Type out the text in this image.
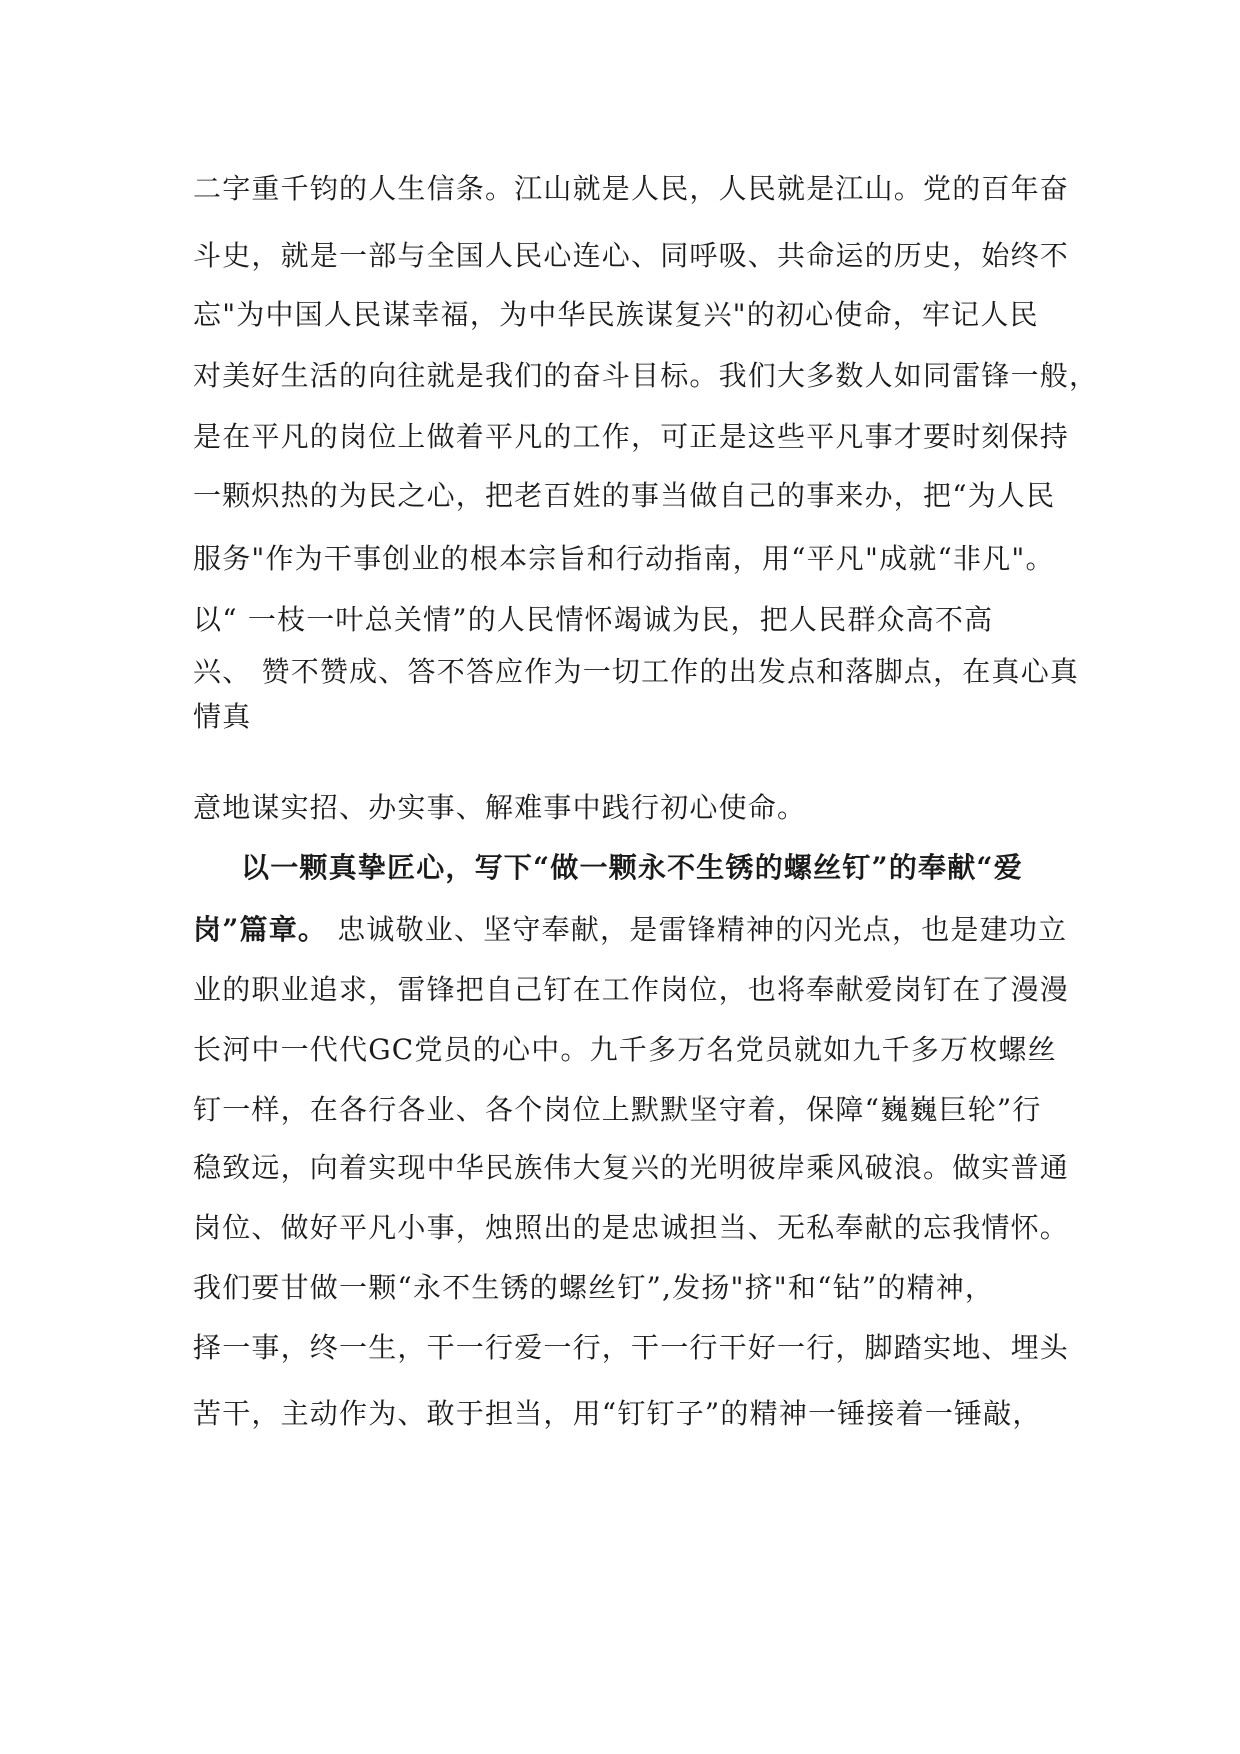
二字重千钧的人生信条。江山就是人民，人民就是江山。党的百年奋
斗史，就是一部与全国人民心连心、同呼吸、共命运的历史，始终不
忘"为中国人民谋幸福，为中华民族谋复兴"的初心使命，牢记人民
对美好生活的向往就是我们的奋斗目标。我们大多数人如同雷锋一般，
是在平凡的岗位上做着平凡的工作，可正是这些平凡事才要时刻保持
一颗炽热的为民之心，把老百姓的事当做自己的事来办，把“为人民
服务"作为干事创业的根本宗旨和行动指南，用“平凡"成就“非凡"。
以“ 一枝一叶总关情”的人民情怀竭诚为民，把人民群众高不高
兴、 赞不赞成、答不答应作为一切工作的出发点和落脚点，在真心真
情真
意地谋实招、办实事、解难事中践行初心使命。
以一颗真挚匠心，写下“做一颗永不生锈的螺丝钉”的奉献“爱
岗”篇章。 忠诚敬业、坚守奉献，是雷锋精神的闪光点，也是建功立
业的职业追求，雷锋把自己钉在工作岗位，也将奉献爱岗钉在了漫漫
长河中一代代GC党员的心中。九千多万名党员就如九千多万枚螺丝
钉一样，在各行各业、各个岗位上默默坚守着，保障“巍巍巨轮”行
稳致远，向着实现中华民族伟大复兴的光明彼岸乘风破浪。做实普通
岗位、做好平凡小事，烛照出的是忠诚担当、无私奉献的忘我情怀。
我们要甘做一颗“永不生锈的螺丝钉”,发扬"挤"和“钻”的精神，
择一事，终一生，干一行爱一行，干一行干好一行，脚踏实地、埋头
苦干，主动作为、敢于担当，用“钉钉子”的精神一锤接着一锤敲，
